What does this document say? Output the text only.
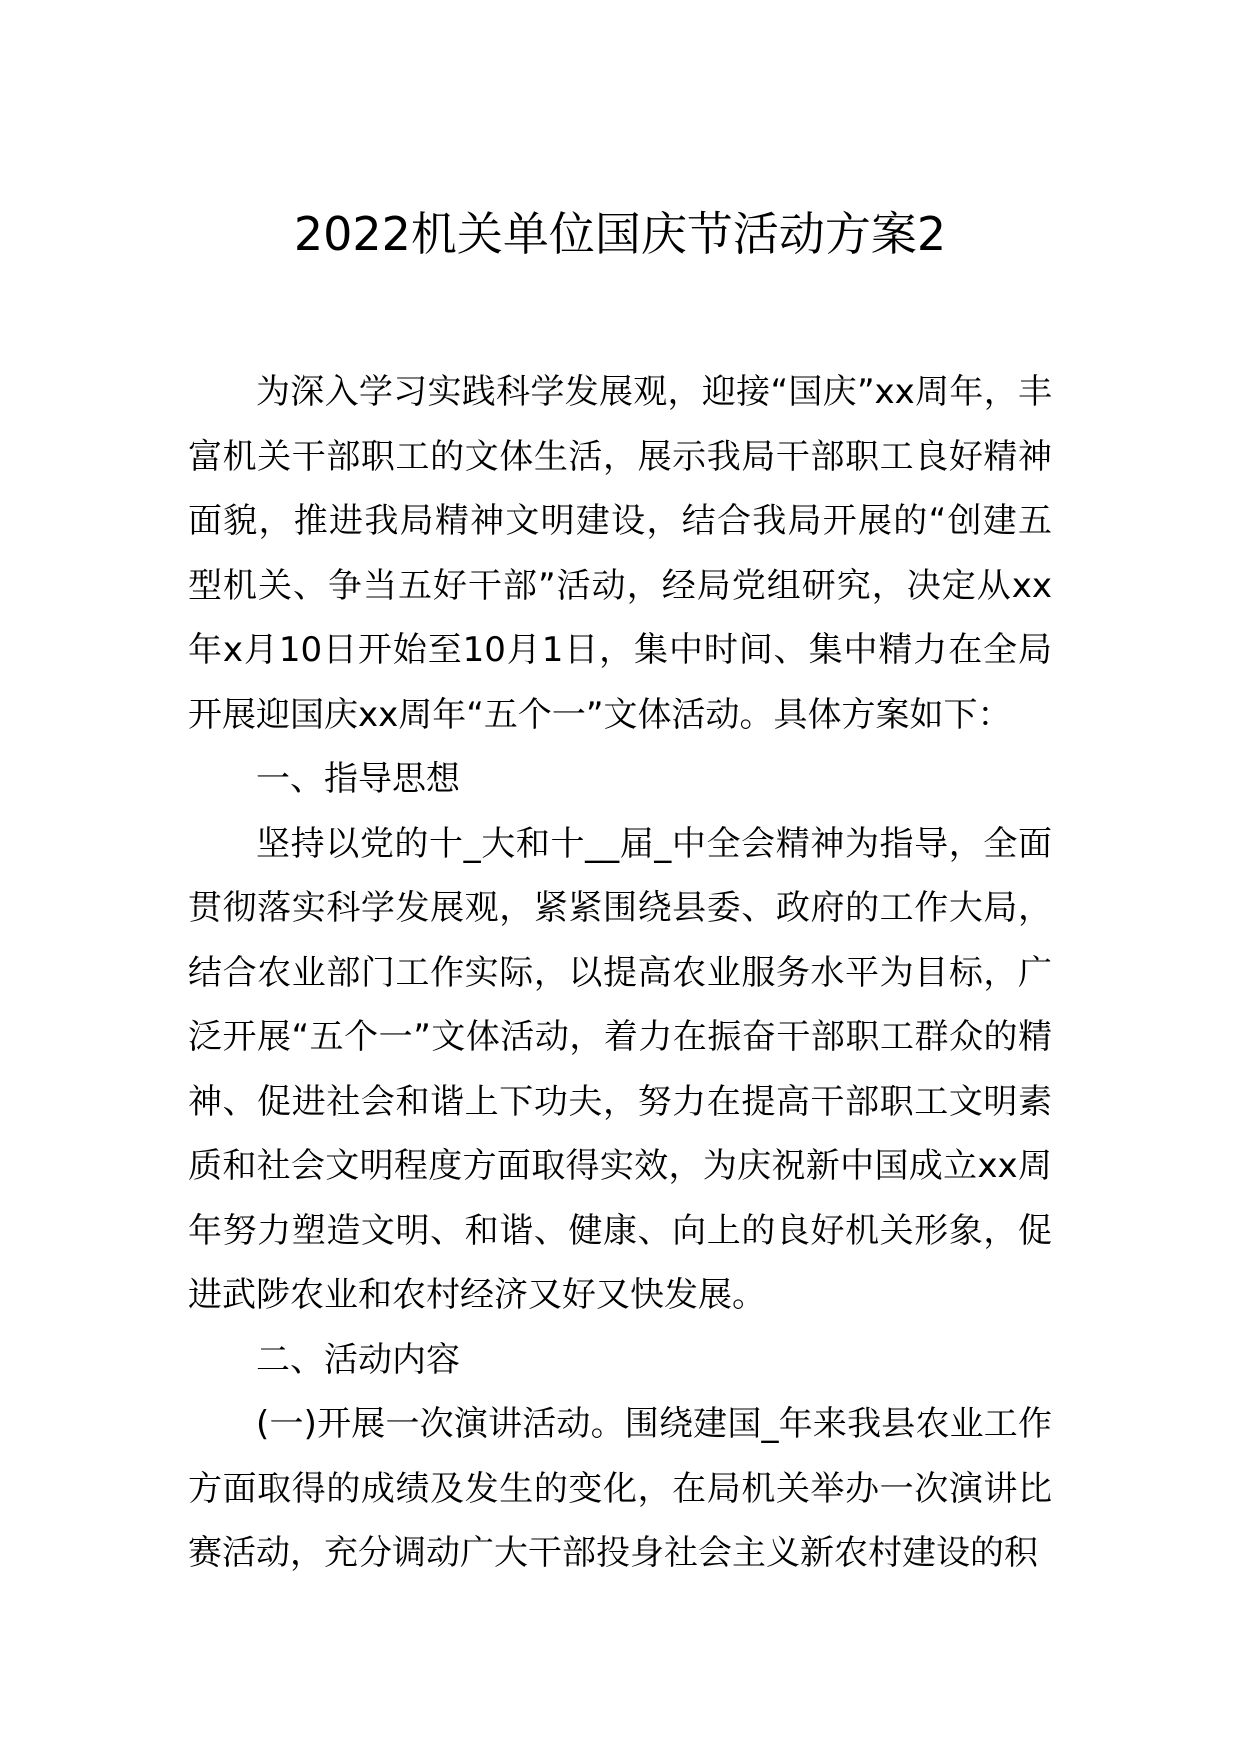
2022机关单位国庆节活动方案2

为深入学习实践科学发展观，迎接“国庆”xx周年，丰富机关干部职工的文体生活，展示我局干部职工良好精神面貌，推进我局精神文明建设，结合我局开展的“创建五型机关、争当五好干部”活动，经局党组研究，决定从xx年x月10日开始至10月1日，集中时间、集中精力在全局开展迎国庆xx周年“五个一”文体活动。具体方案如下：

一、指导思想

坚持以党的十_大和十__届_中全会精神为指导，全面贯彻落实科学发展观，紧紧围绕县委、政府的工作大局，结合农业部门工作实际，以提高农业服务水平为目标，广泛开展“五个一”文体活动，着力在振奋干部职工群众的精神、促进社会和谐上下功夫，努力在提高干部职工文明素质和社会文明程度方面取得实效，为庆祝新中国成立xx周年努力塑造文明、和谐、健康、向上的良好机关形象，促进武陟农业和农村经济又好又快发展。

二、活动内容

(一)开展一次演讲活动。围绕建国_年来我县农业工作方面取得的成绩及发生的变化，在局机关举办一次演讲比赛活动，充分调动广大干部投身社会主义新农村建设的积
